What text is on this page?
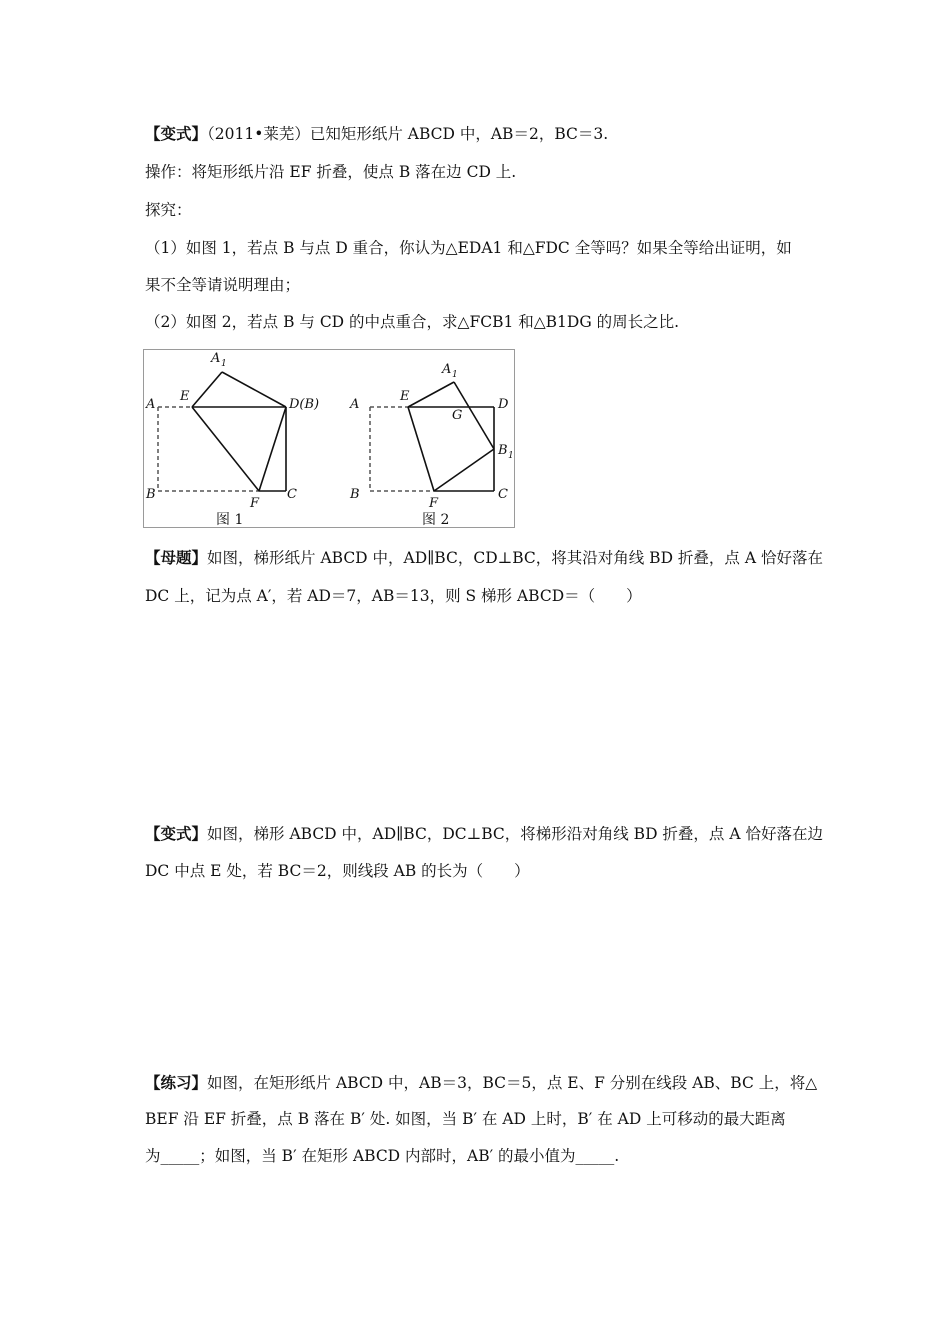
【变式】（2011•莱芜）已知矩形纸片 ABCD 中，AB＝2，BC＝3.
操作：将矩形纸片沿 EF 折叠，使点 B 落在边 CD 上.
探究：
（1）如图 1，若点 B 与点 D 重合，你认为△EDA1 和△FDC 全等吗？如果全等给出证明，如
果不全等请说明理由；
（2）如图 2，若点 B 与 CD 的中点重合，求△FCB1 和△B1DG 的周长之比.
A 1
A
E
D(B)
B
F
C
图 1
A 1
A
E
G
D
B 1
B
F
C
图 2
【母题】如图，梯形纸片 ABCD 中，AD∥BC，CD⊥BC，将其沿对角线 BD 折叠，点 A 恰好落在
DC 上，记为点 A′，若 AD＝7，AB＝13，则 S 梯形 ABCD＝（　　）
【变式】如图，梯形 ABCD 中，AD∥BC，DC⊥BC，将梯形沿对角线 BD 折叠，点 A 恰好落在边
DC 中点 E 处，若 BC＝2，则线段 AB 的长为（　　）
【练习】如图，在矩形纸片 ABCD 中，AB＝3，BC＝5，点 E、F 分别在线段 AB、BC 上，将△
BEF 沿 EF 折叠，点 B 落在 B′ 处. 如图，当 B′ 在 AD 上时，B′ 在 AD 上可移动的最大距离
为_____；如图，当 B′ 在矩形 ABCD 内部时，AB′ 的最小值为_____.
